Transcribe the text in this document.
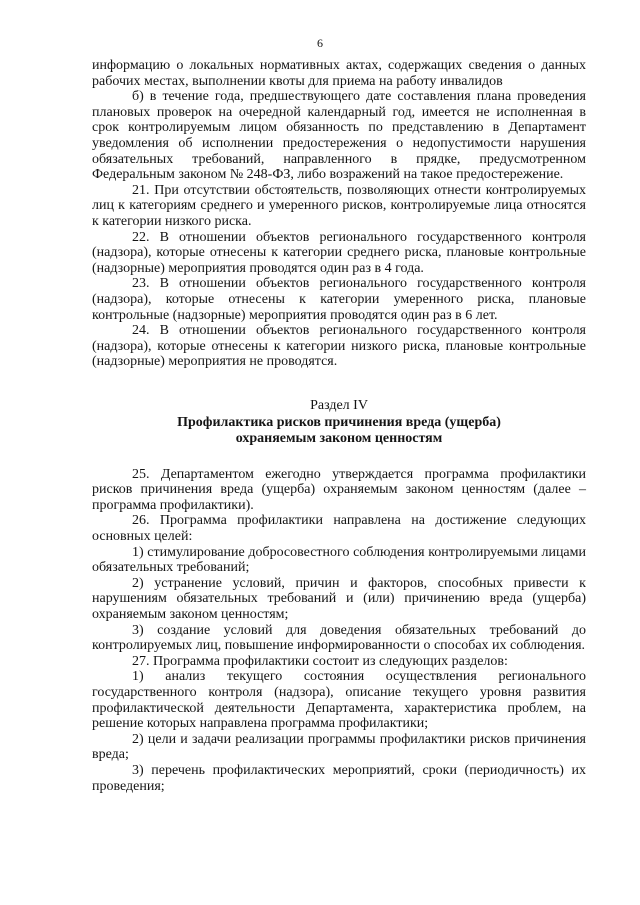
6

информацию о локальных нормативных актах, содержащих сведения о данных рабочих местах, выполнении квоты для приема на работу инвалидов

б) в течение года, предшествующего дате составления плана проведения плановых проверок на очередной календарный год, имеется не исполненная в срок контролируемым лицом обязанность по представлению в Департамент уведомления об исполнении предостережения о недопустимости нарушения обязательных требований, направленного в прядке, предусмотренном Федеральным законом № 248-ФЗ, либо возражений на такое предостережение.

21. При отсутствии обстоятельств, позволяющих отнести контролируемых лиц к категориям среднего и умеренного рисков, контролируемые лица относятся к категории низкого риска.

22. В отношении объектов регионального государственного контроля (надзора), которые отнесены к категории среднего риска, плановые контрольные (надзорные) мероприятия проводятся один раз в 4 года.

23. В отношении объектов регионального государственного контроля (надзора), которые отнесены к категории умеренного риска, плановые контрольные (надзорные) мероприятия проводятся один раз в 6 лет.

24. В отношении объектов регионального государственного контроля (надзора), которые отнесены к категории низкого риска, плановые контрольные (надзорные) мероприятия не проводятся.

Раздел IV
Профилактика рисков причинения вреда (ущерба)
охраняемым законом ценностям

25. Департаментом ежегодно утверждается программа профилактики рисков причинения вреда (ущерба) охраняемым законом ценностям (далее – программа профилактики).

26. Программа профилактики направлена на достижение следующих основных целей:

1) стимулирование добросовестного соблюдения контролируемыми лицами обязательных требований;

2) устранение условий, причин и факторов, способных привести к нарушениям обязательных требований и (или) причинению вреда (ущерба) охраняемым законом ценностям;

3) создание условий для доведения обязательных требований до контролируемых лиц, повышение информированности о способах их соблюдения.

27. Программа профилактики состоит из следующих разделов:

1) анализ текущего состояния осуществления регионального государственного контроля (надзора), описание текущего уровня развития профилактической деятельности Департамента, характеристика проблем, на решение которых направлена программа профилактики;

2) цели и задачи реализации программы профилактики рисков причинения вреда;

3) перечень профилактических мероприятий, сроки (периодичность) их проведения;
